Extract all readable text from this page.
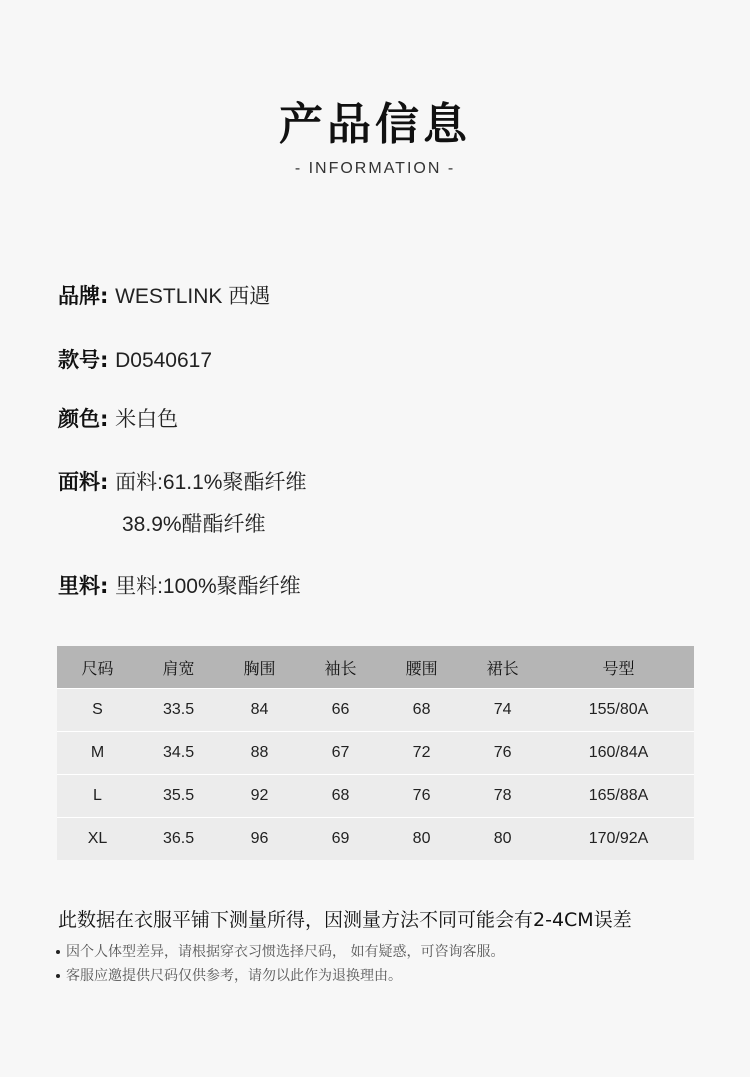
产品信息
- INFORMATION -
品牌: WESTLINK 西遇
款号: D0540617
颜色: 米白色
面料: 面料:61.1%聚酯纤维
38.9%醋酯纤维
里料: 里料:100%聚酯纤维
尺码	肩宽	胸围	袖长	腰围	裙长	号型
S	33.5	84	66	68	74	155/80A
M	34.5	88	67	72	76	160/84A
L	35.5	92	68	76	78	165/88A
XL	36.5	96	69	80	80	170/92A
此数据在衣服平铺下测量所得，因测量方法不同可能会有2-4CM误差
因个人体型差异，请根据穿衣习惯选择尺码， 如有疑惑，可咨询客服。
客服应邀提供尺码仅供参考，请勿以此作为退换理由。
